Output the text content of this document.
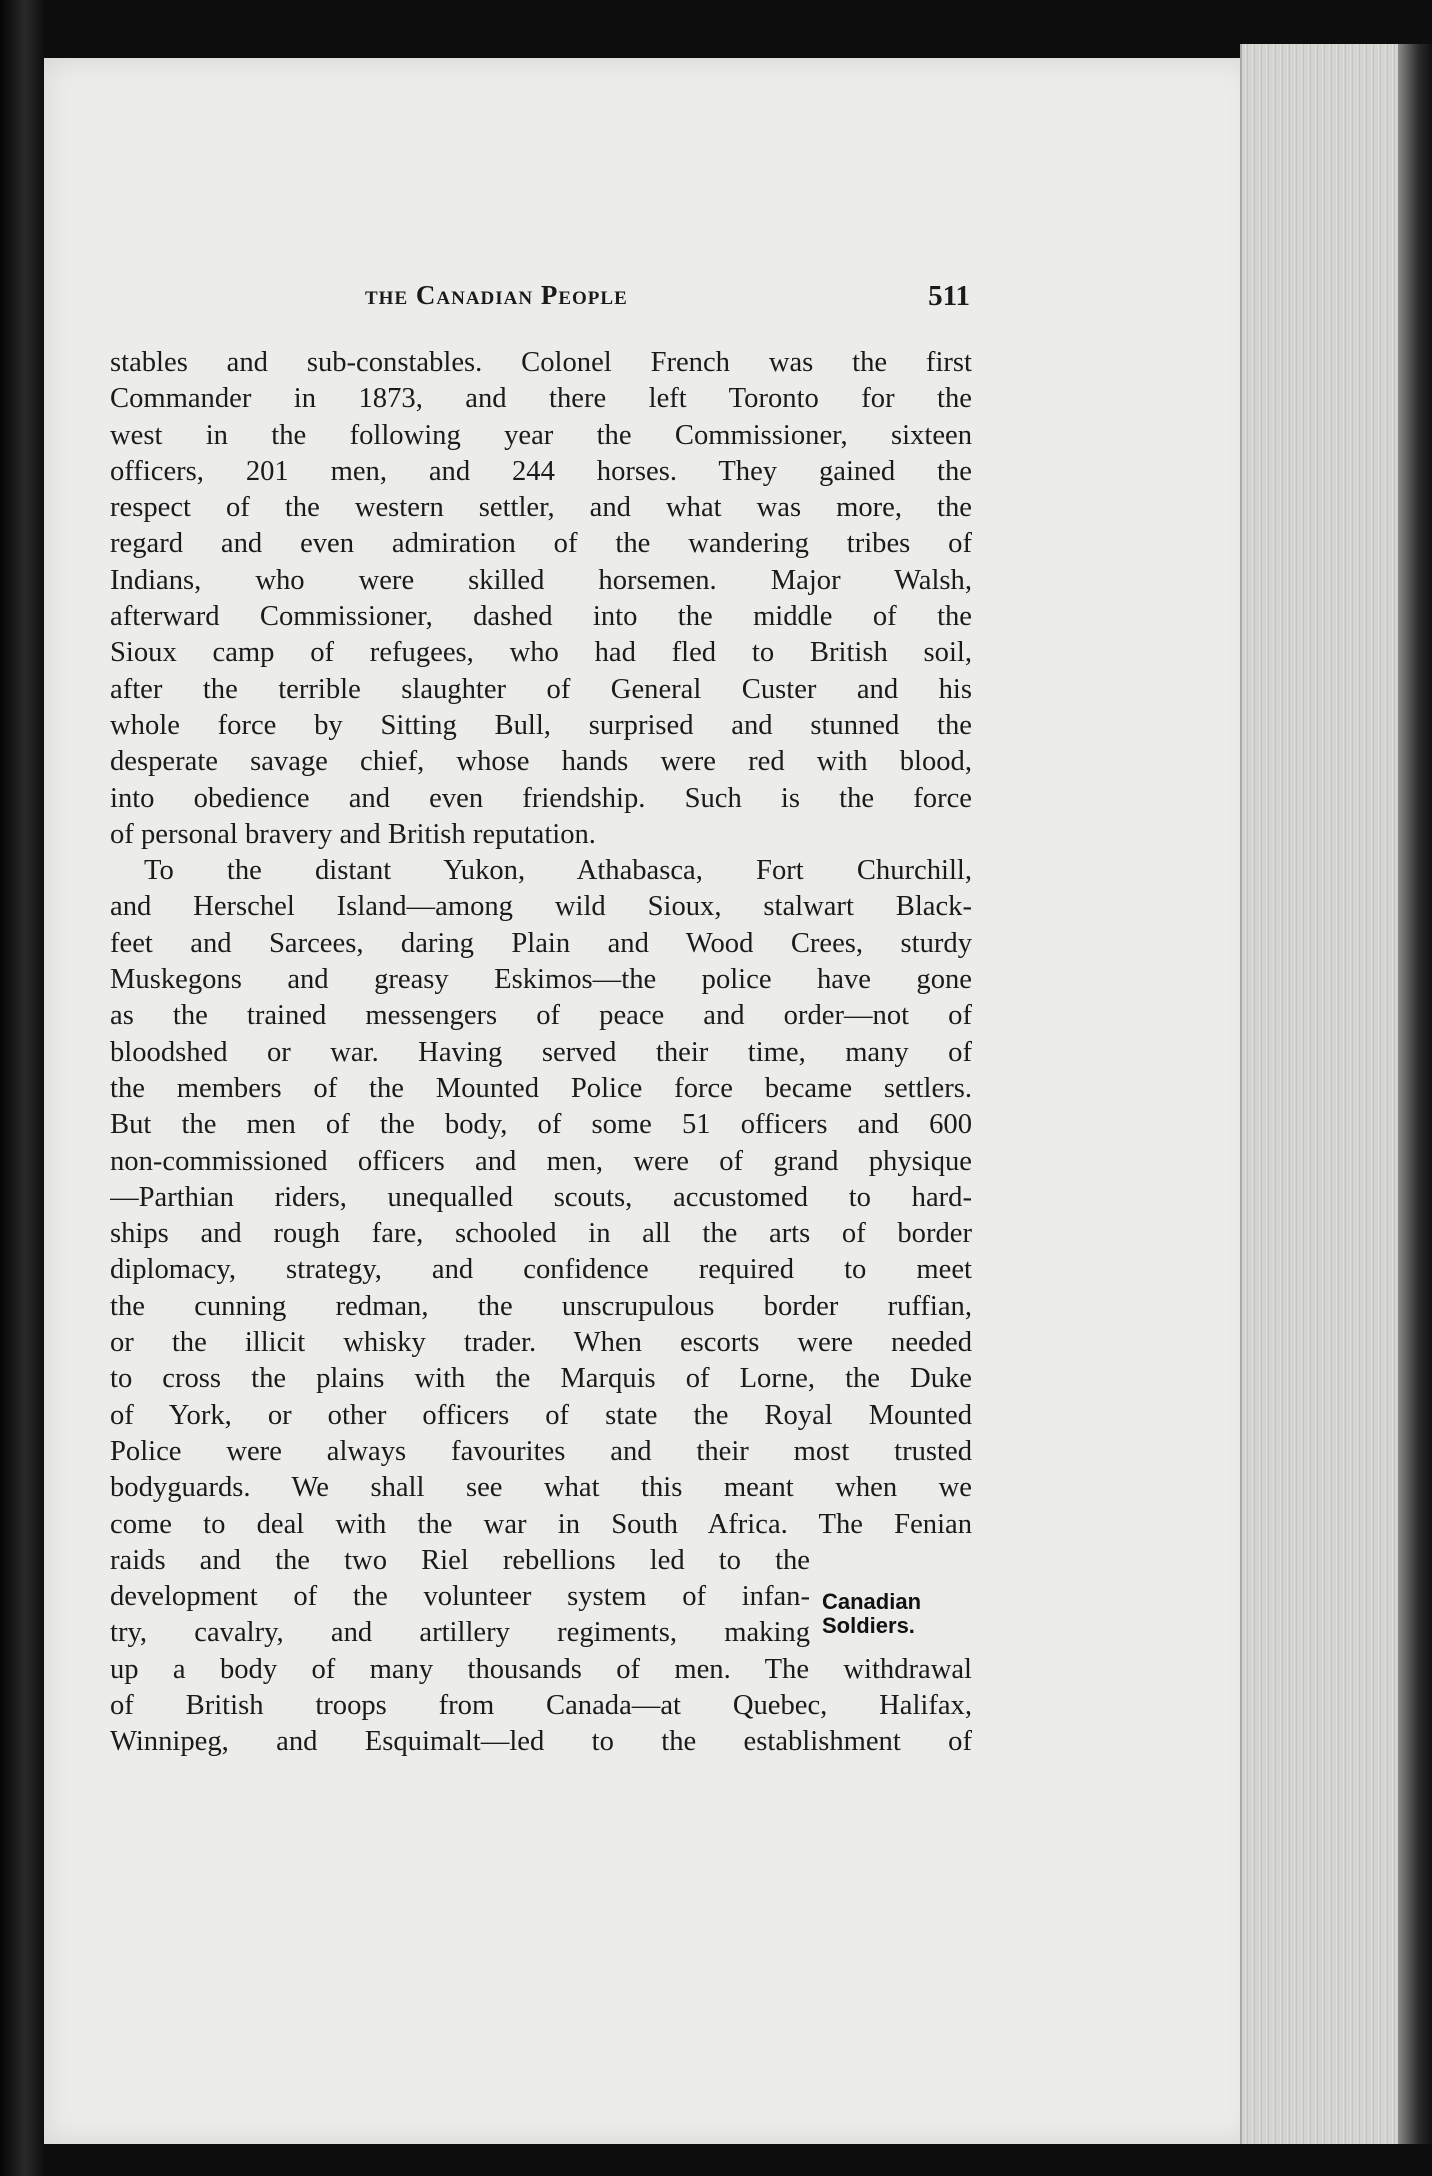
the Canadian People	511
stables and sub-constables. Colonel French was the first
Commander in 1873, and there left Toronto for the
west in the following year the Commissioner, sixteen
officers, 201 men, and 244 horses. They gained the
respect of the western settler, and what was more, the
regard and even admiration of the wandering tribes of
Indians, who were skilled horsemen. Major Walsh,
afterward Commissioner, dashed into the middle of the
Sioux camp of refugees, who had fled to British soil,
after the terrible slaughter of General Custer and his
whole force by Sitting Bull, surprised and stunned the
desperate savage chief, whose hands were red with blood,
into obedience and even friendship. Such is the force
of personal bravery and British reputation.
To the distant Yukon, Athabasca, Fort Churchill,
and Herschel Island—among wild Sioux, stalwart Black-
feet and Sarcees, daring Plain and Wood Crees, sturdy
Muskegons and greasy Eskimos—the police have gone
as the trained messengers of peace and order—not of
bloodshed or war. Having served their time, many of
the members of the Mounted Police force became settlers.
But the men of the body, of some 51 officers and 600
non-commissioned officers and men, were of grand physique
—Parthian riders, unequalled scouts, accustomed to hard-
ships and rough fare, schooled in all the arts of border
diplomacy, strategy, and confidence required to meet
the cunning redman, the unscrupulous border ruffian,
or the illicit whisky trader. When escorts were needed
to cross the plains with the Marquis of Lorne, the Duke
of York, or other officers of state the Royal Mounted
Police were always favourites and their most trusted
bodyguards. We shall see what this meant when we
come to deal with the war in South Africa. The Fenian
raids and the two Riel rebellions led to the
development of the volunteer system of infan-
try, cavalry, and artillery regiments, making
up a body of many thousands of men. The withdrawal
of British troops from Canada—at Quebec, Halifax,
Winnipeg, and Esquimalt—led to the establishment of
Canadian
Soldiers.
